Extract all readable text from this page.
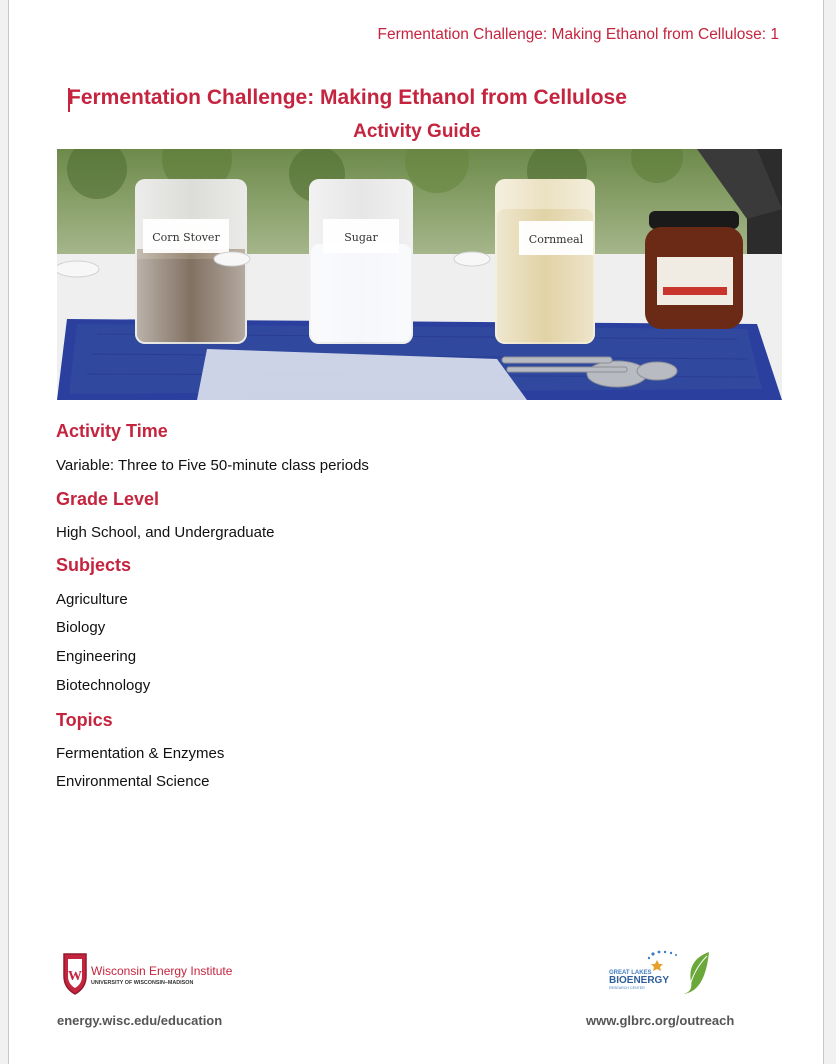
Fermentation Challenge: Making Ethanol from Cellulose: 1
Fermentation Challenge: Making Ethanol from Cellulose
Activity Guide
Corn Stover	Sugar	Cornmeal
Activity Time
Variable: Three to Five 50-minute class periods
Grade Level
High School, and Undergraduate
Subjects
Agriculture
Biology
Engineering
Biotechnology
Topics
Fermentation & Enzymes
Environmental Science
W Wisconsin Energy Institute
UNIVERSITY OF WISCONSIN–MADISON
GREAT LAKES
BIOENERGY
RESEARCH CENTER
energy.wisc.edu/education	www.glbrc.org/outreach
